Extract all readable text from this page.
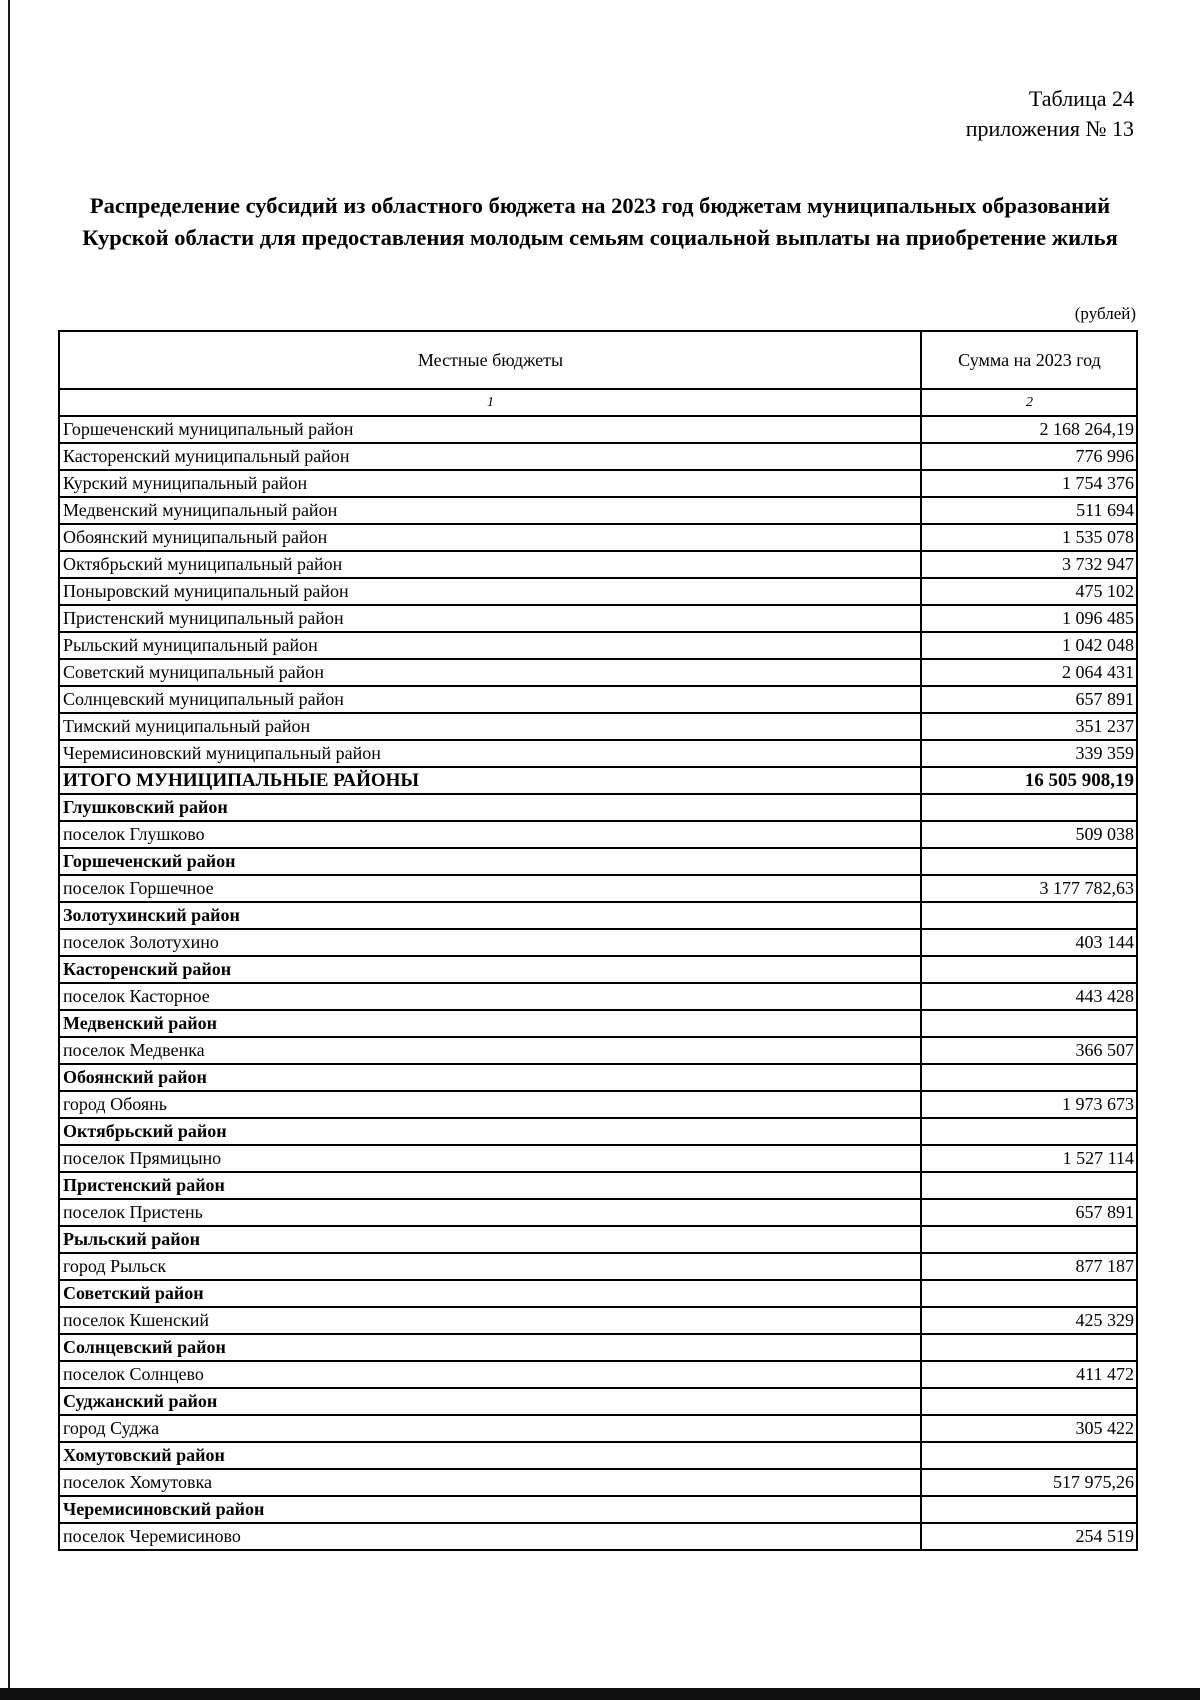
Таблица 24
приложения № 13
Распределение субсидий из областного бюджета на 2023 год бюджетам муниципальных образований Курской области для предоставления молодым семьям социальной выплаты на приобретение жилья
(рублей)
Местные бюджеты	Сумма на 2023 год
1	2
Горшеченский муниципальный район	2 168 264,19
Касторенский муниципальный район	776 996
Курский муниципальный район	1 754 376
Медвенский муниципальный район	511 694
Обоянский муниципальный район	1 535 078
Октябрьский муниципальный район	3 732 947
Поныровский муниципальный район	475 102
Пристенский муниципальный район	1 096 485
Рыльский муниципальный район	1 042 048
Советский муниципальный район	2 064 431
Солнцевский муниципальный район	657 891
Тимский муниципальный район	351 237
Черемисиновский муниципальный район	339 359
ИТОГО МУНИЦИПАЛЬНЫЕ РАЙОНЫ	16 505 908,19
Глушковский район	
поселок Глушково	509 038
Горшеченский район	
поселок Горшечное	3 177 782,63
Золотухинский район	
поселок Золотухино	403 144
Касторенский район	
поселок Касторное	443 428
Медвенский район	
поселок Медвенка	366 507
Обоянский район	
город Обоянь	1 973 673
Октябрьский район	
поселок Прямицыно	1 527 114
Пристенский район	
поселок Пристень	657 891
Рыльский район	
город Рыльск	877 187
Советский район	
поселок Кшенский	425 329
Солнцевский район	
поселок Солнцево	411 472
Суджанский район	
город Суджа	305 422
Хомутовский район	
поселок Хомутовка	517 975,26
Черемисиновский район	
поселок Черемисиново	254 519
